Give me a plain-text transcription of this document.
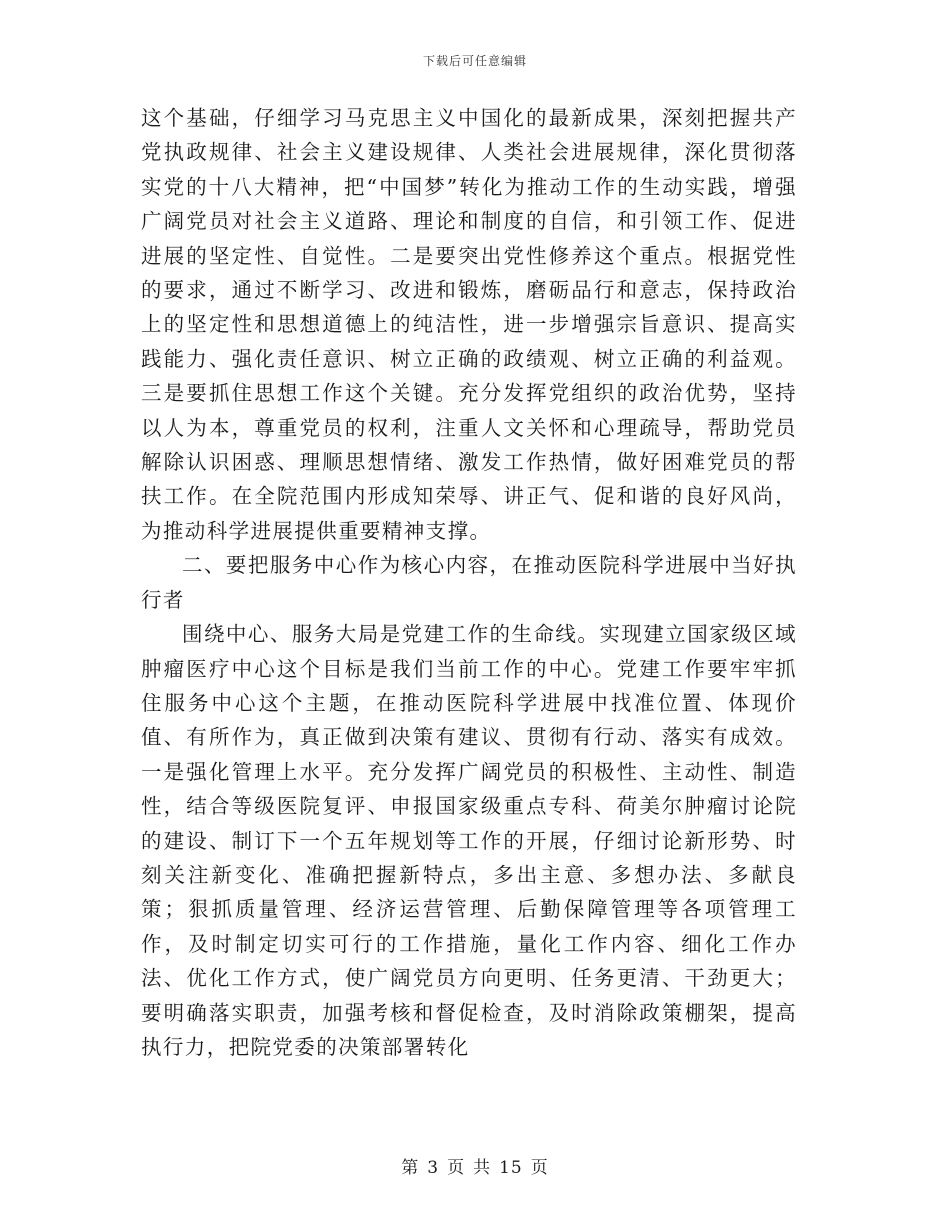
下载后可任意编辑

这个基础，仔细学习马克思主义中国化的最新成果，深刻把握共产党执政规律、社会主义建设规律、人类社会进展规律，深化贯彻落实党的十八大精神，把“中国梦”转化为推动工作的生动实践，增强广阔党员对社会主义道路、理论和制度的自信，和引领工作、促进进展的坚定性、自觉性。二是要突出党性修养这个重点。根据党性的要求，通过不断学习、改进和锻炼，磨砺品行和意志，保持政治上的坚定性和思想道德上的纯洁性，进一步增强宗旨意识、提高实践能力、强化责任意识、树立正确的政绩观、树立正确的利益观。三是要抓住思想工作这个关键。充分发挥党组织的政治优势，坚持以人为本，尊重党员的权利，注重人文关怀和心理疏导，帮助党员解除认识困惑、理顺思想情绪、激发工作热情，做好困难党员的帮扶工作。在全院范围内形成知荣辱、讲正气、促和谐的良好风尚，为推动科学进展提供重要精神支撑。

二、要把服务中心作为核心内容，在推动医院科学进展中当好执行者

围绕中心、服务大局是党建工作的生命线。实现建立国家级区域肿瘤医疗中心这个目标是我们当前工作的中心。党建工作要牢牢抓住服务中心这个主题，在推动医院科学进展中找准位置、体现价值、有所作为，真正做到决策有建议、贯彻有行动、落实有成效。一是强化管理上水平。充分发挥广阔党员的积极性、主动性、制造性，结合等级医院复评、申报国家级重点专科、荷美尔肿瘤讨论院的建设、制订下一个五年规划等工作的开展，仔细讨论新形势、时刻关注新变化、准确把握新特点，多出主意、多想办法、多献良策；狠抓质量管理、经济运营管理、后勤保障管理等各项管理工作，及时制定切实可行的工作措施，量化工作内容、细化工作办法、优化工作方式，使广阔党员方向更明、任务更清、干劲更大；要明确落实职责，加强考核和督促检查，及时消除政策棚架，提高执行力，把院党委的决策部署转化

第 3 页 共 15 页
